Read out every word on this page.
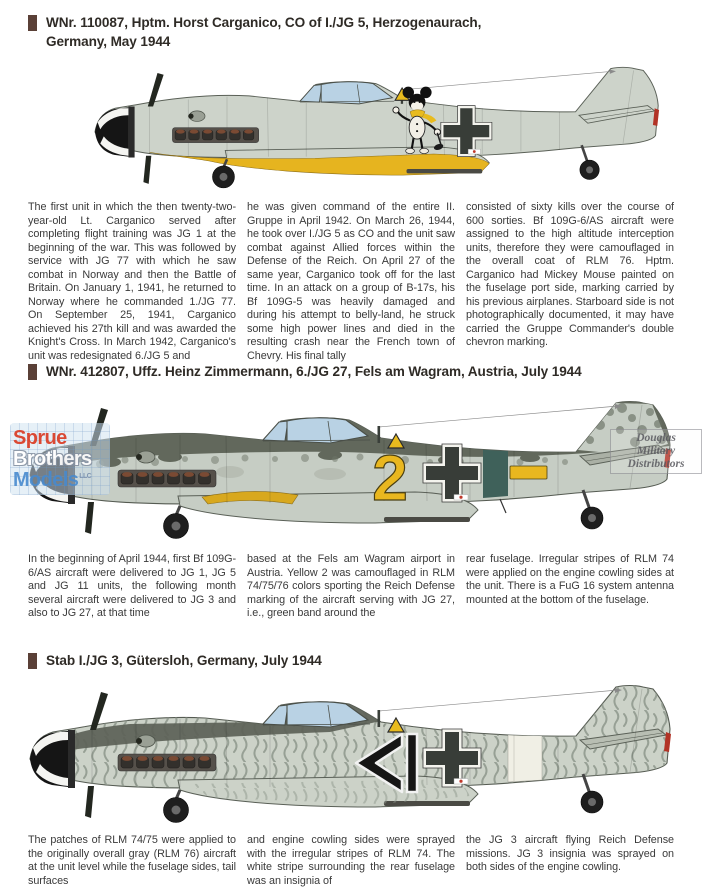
WNr. 110087, Hptm. Horst Carganico, CO of I./JG 5, Herzogenaurach,
Germany, May 1944
The first unit in which the then twenty-two-year-old Lt. Carganico served after completing flight training was JG 1 at the beginning of the war. This was followed by service with JG 77 with which he saw combat in Norway and then the Battle of Britain. On January 1, 1941, he returned to Norway where he commanded 1./JG 77. On September 25, 1941, Carganico achieved his 27th kill and was awarded the Knight's Cross. In March 1942, Carganico's unit was redesignated 6./JG 5 and
he was given command of the entire II. Gruppe in April 1942. On March 26, 1944, he took over I./JG 5 as CO and the unit saw combat against Allied forces within the Defense of the Reich. On April 27 of the same year, Carganico took off for the last time. In an attack on a group of B-17s, his Bf 109G-5 was heavily damaged and during his attempt to belly-land, he struck some high power lines and died in the resulting crash near the French town of Chevry. His final tally
consisted of sixty kills over the course of 600 sorties. Bf 109G-6/AS aircraft were assigned to the high altitude interception units, therefore they were camouflaged in the overall coat of RLM 76. Hptm. Carganico had Mickey Mouse painted on the fuselage port side, marking carried by his previous airplanes. Starboard side is not photographically documented, it may have carried the Gruppe Commander's double chevron marking.
WNr. 412807, Uffz. Heinz Zimmermann, 6./JG 27, Fels am Wagram, Austria, July 1944
2
In the beginning of April 1944, first Bf 109G-6/AS aircraft were delivered to JG 1, JG 5 and JG 11 units, the following month several aircraft were delivered to JG 3 and also to JG 27, at that time
based at the Fels am Wagram airport in Austria. Yellow 2 was camouflaged in RLM 74/75/76 colors sporting the Reich Defense marking of the aircraft serving with JG 27, i.e., green band around the
rear fuselage. Irregular stripes of RLM 74 were applied on the engine cowling sides at the unit. There is a FuG 16 system antenna mounted at the bottom of the fuselage.
Stab I./JG 3, Gütersloh, Germany, July 1944
The patches of RLM 74/75 were applied to the originally overall gray (RLM 76) aircraft at the unit level while the fuselage sides, tail surfaces
and engine cowling sides were sprayed with the irregular stripes of RLM 74. The white stripe surrounding the rear fuselage was an insignia of
the JG 3 aircraft flying Reich Defense missions. JG 3 insignia was sprayed on both sides of the engine cowling.
Sprue
Brothers
Models$^{LLC}$
Douglas
Military
Distributors
